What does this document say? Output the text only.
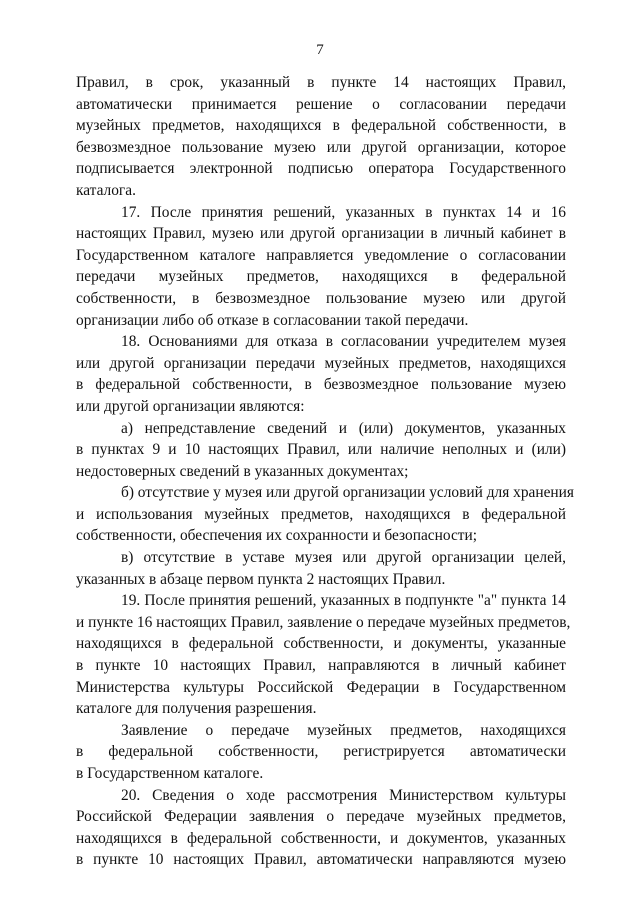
7
Правил, в срок, указанный в пункте 14 настоящих Правил,
автоматически принимается решение о согласовании передачи
музейных предметов, находящихся в федеральной собственности, в
безвозмездное пользование музею или другой организации, которое
подписывается электронной подписью оператора Государственного
каталога.
17. После принятия решений, указанных в пунктах 14 и 16
настоящих Правил, музею или другой организации в личный кабинет в
Государственном каталоге направляется уведомление о согласовании
передачи музейных предметов, находящихся в федеральной
собственности, в безвозмездное пользование музею или другой
организации либо об отказе в согласовании такой передачи.
18. Основаниями для отказа в согласовании учредителем музея
или другой организации передачи музейных предметов, находящихся
в федеральной собственности, в безвозмездное пользование музею
или другой организации являются:
а) непредставление сведений и (или) документов, указанных
в пунктах 9 и 10 настоящих Правил, или наличие неполных и (или)
недостоверных сведений в указанных документах;
б) отсутствие у музея или другой организации условий для хранения
и использования музейных предметов, находящихся в федеральной
собственности, обеспечения их сохранности и безопасности;
в) отсутствие в уставе музея или другой организации целей,
указанных в абзаце первом пункта 2 настоящих Правил.
19. После принятия решений, указанных в подпункте "а" пункта 14
и пункте 16 настоящих Правил, заявление о передаче музейных предметов,
находящихся в федеральной собственности, и документы, указанные
в пункте 10 настоящих Правил, направляются в личный кабинет
Министерства культуры Российской Федерации в Государственном
каталоге для получения разрешения.
Заявление о передаче музейных предметов, находящихся
в федеральной собственности, регистрируется автоматически
в Государственном каталоге.
20. Сведения о ходе рассмотрения Министерством культуры
Российской Федерации заявления о передаче музейных предметов,
находящихся в федеральной собственности, и документов, указанных
в пункте 10 настоящих Правил, автоматически направляются музею
